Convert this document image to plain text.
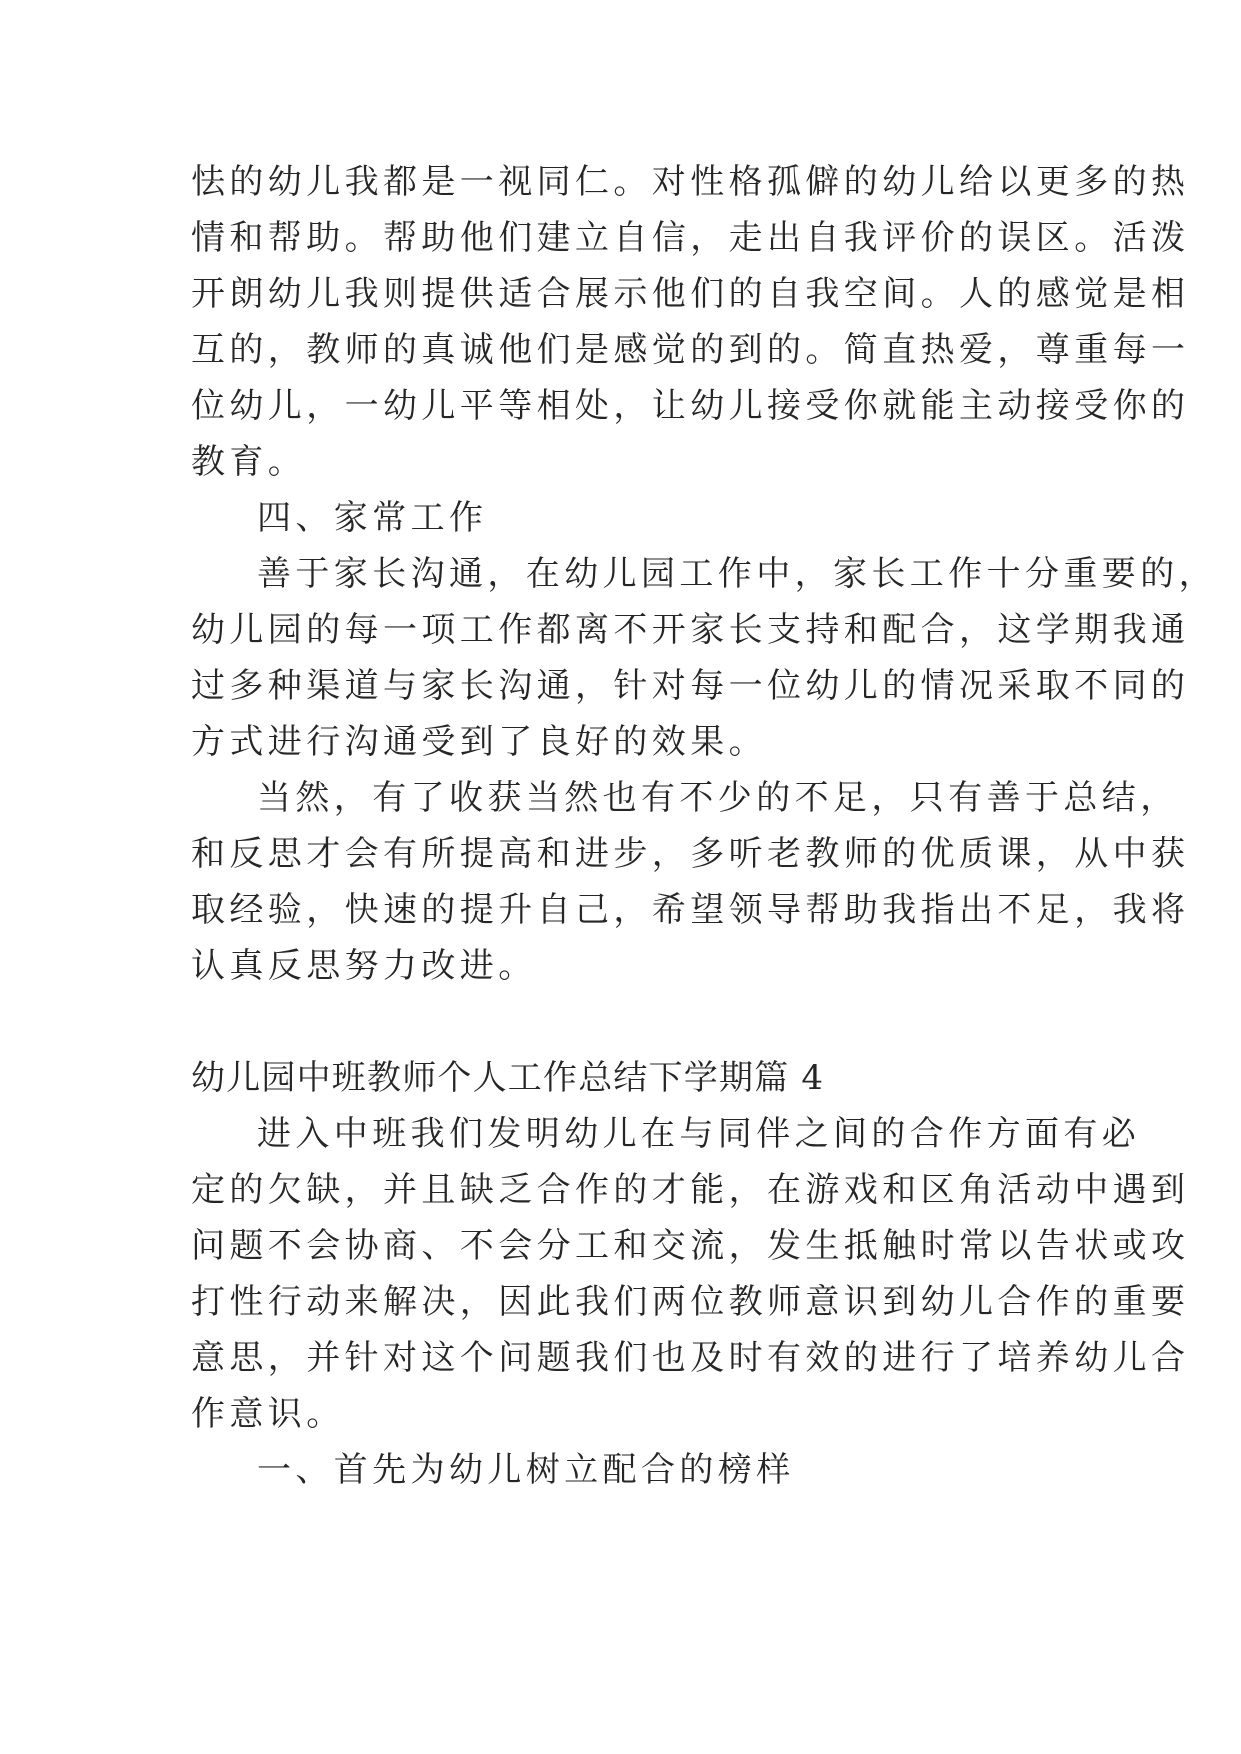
怯的幼儿我都是一视同仁。对性格孤僻的幼儿给以更多的热
情和帮助。帮助他们建立自信，走出自我评价的误区。活泼
开朗幼儿我则提供适合展示他们的自我空间。人的感觉是相
互的，教师的真诚他们是感觉的到的。简直热爱，尊重每一
位幼儿，一幼儿平等相处，让幼儿接受你就能主动接受你的
教育。
四、家常工作
善于家长沟通，在幼儿园工作中，家长工作十分重要的，
幼儿园的每一项工作都离不开家长支持和配合，这学期我通
过多种渠道与家长沟通，针对每一位幼儿的情况采取不同的
方式进行沟通受到了良好的效果。
当然，有了收获当然也有不少的不足，只有善于总结，
和反思才会有所提高和进步，多听老教师的优质课，从中获
取经验，快速的提升自己，希望领导帮助我指出不足，我将
认真反思努力改进。
幼儿园中班教师个人工作总结下学期篇 4
进入中班我们发明幼儿在与同伴之间的合作方面有必
定的欠缺，并且缺乏合作的才能，在游戏和区角活动中遇到
问题不会协商、不会分工和交流，发生抵触时常以告状或攻
打性行动来解决，因此我们两位教师意识到幼儿合作的重要
意思，并针对这个问题我们也及时有效的进行了培养幼儿合
作意识。
一、首先为幼儿树立配合的榜样
